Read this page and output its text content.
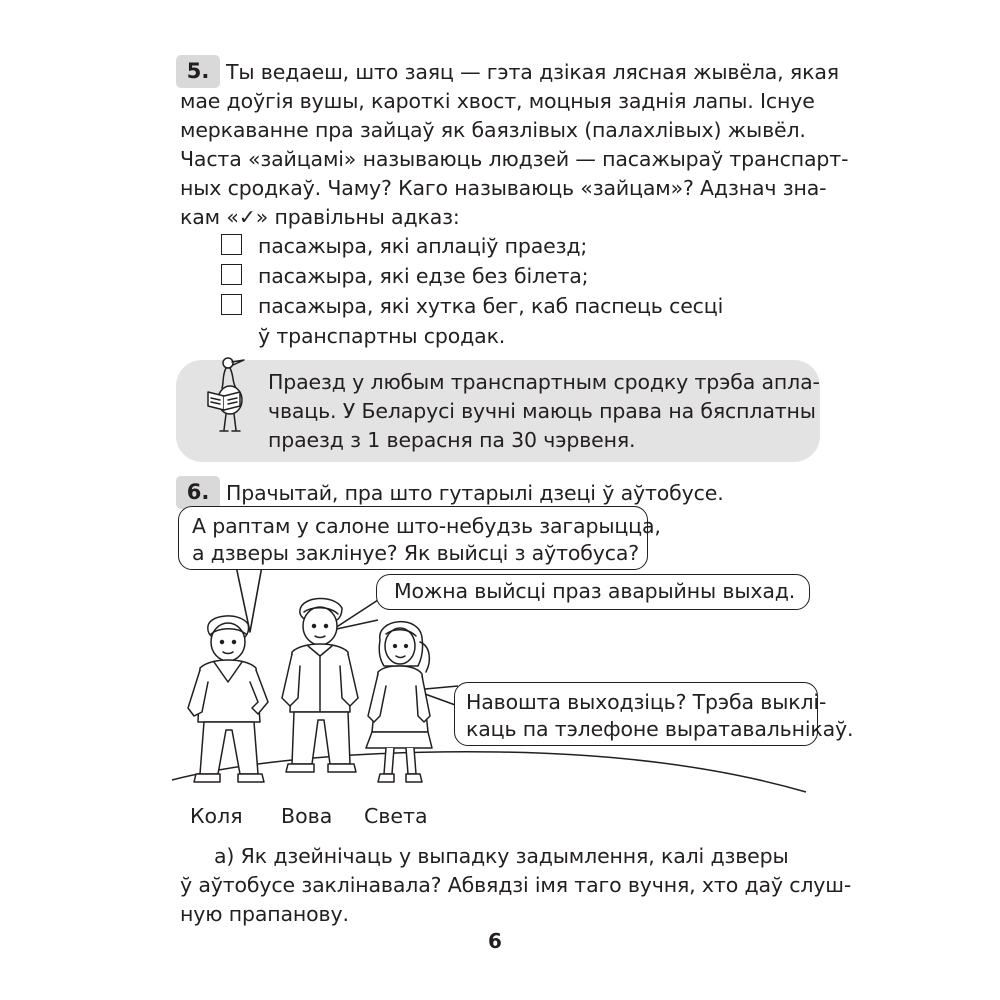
5. Ты ведаеш, што заяц — гэта дзікая лясная жывёла, якая
мае доўгія вушы, кароткі хвост, моцныя заднія лапы. Існуе
меркаванне пра зайцаў як баязлівых (палахлівых) жывёл.
Часта «зайцамі» называюць людзей — пасажыраў транспарт-
ных сродкаў. Чаму? Каго называюць «зайцам»? Адзнач зна-
кам «✓» правільны адказ:
пасажыра, які аплаціў праезд;
пасажыра, які едзе без білета;
пасажыра, які хутка бег, каб паспець сесці
ў транспартны сродак.
Праезд у любым транспартным сродку трэба апла-
чваць. У Беларусі вучні маюць права на бясплатны
праезд з 1 верасня па 30 чэрвеня.
6. Прачытай, пра што гутарылі дзеці ў аўтобусе.
А раптам у салоне што-небудзь загарыцца,
а дзверы заклінуе? Як выйсці з аўтобуса?
Можна выйсці праз аварыйны выхад.
Навошта выходзіць? Трэба выклі-
каць па тэлефоне выратавальнікаў.
Коля Вова Света
а) Як дзейнічаць у выпадку задымлення, калі дзверы
ў аўтобусе заклінавала? Абвядзі імя таго вучня, хто даў слуш-
ную прапанову.
6
